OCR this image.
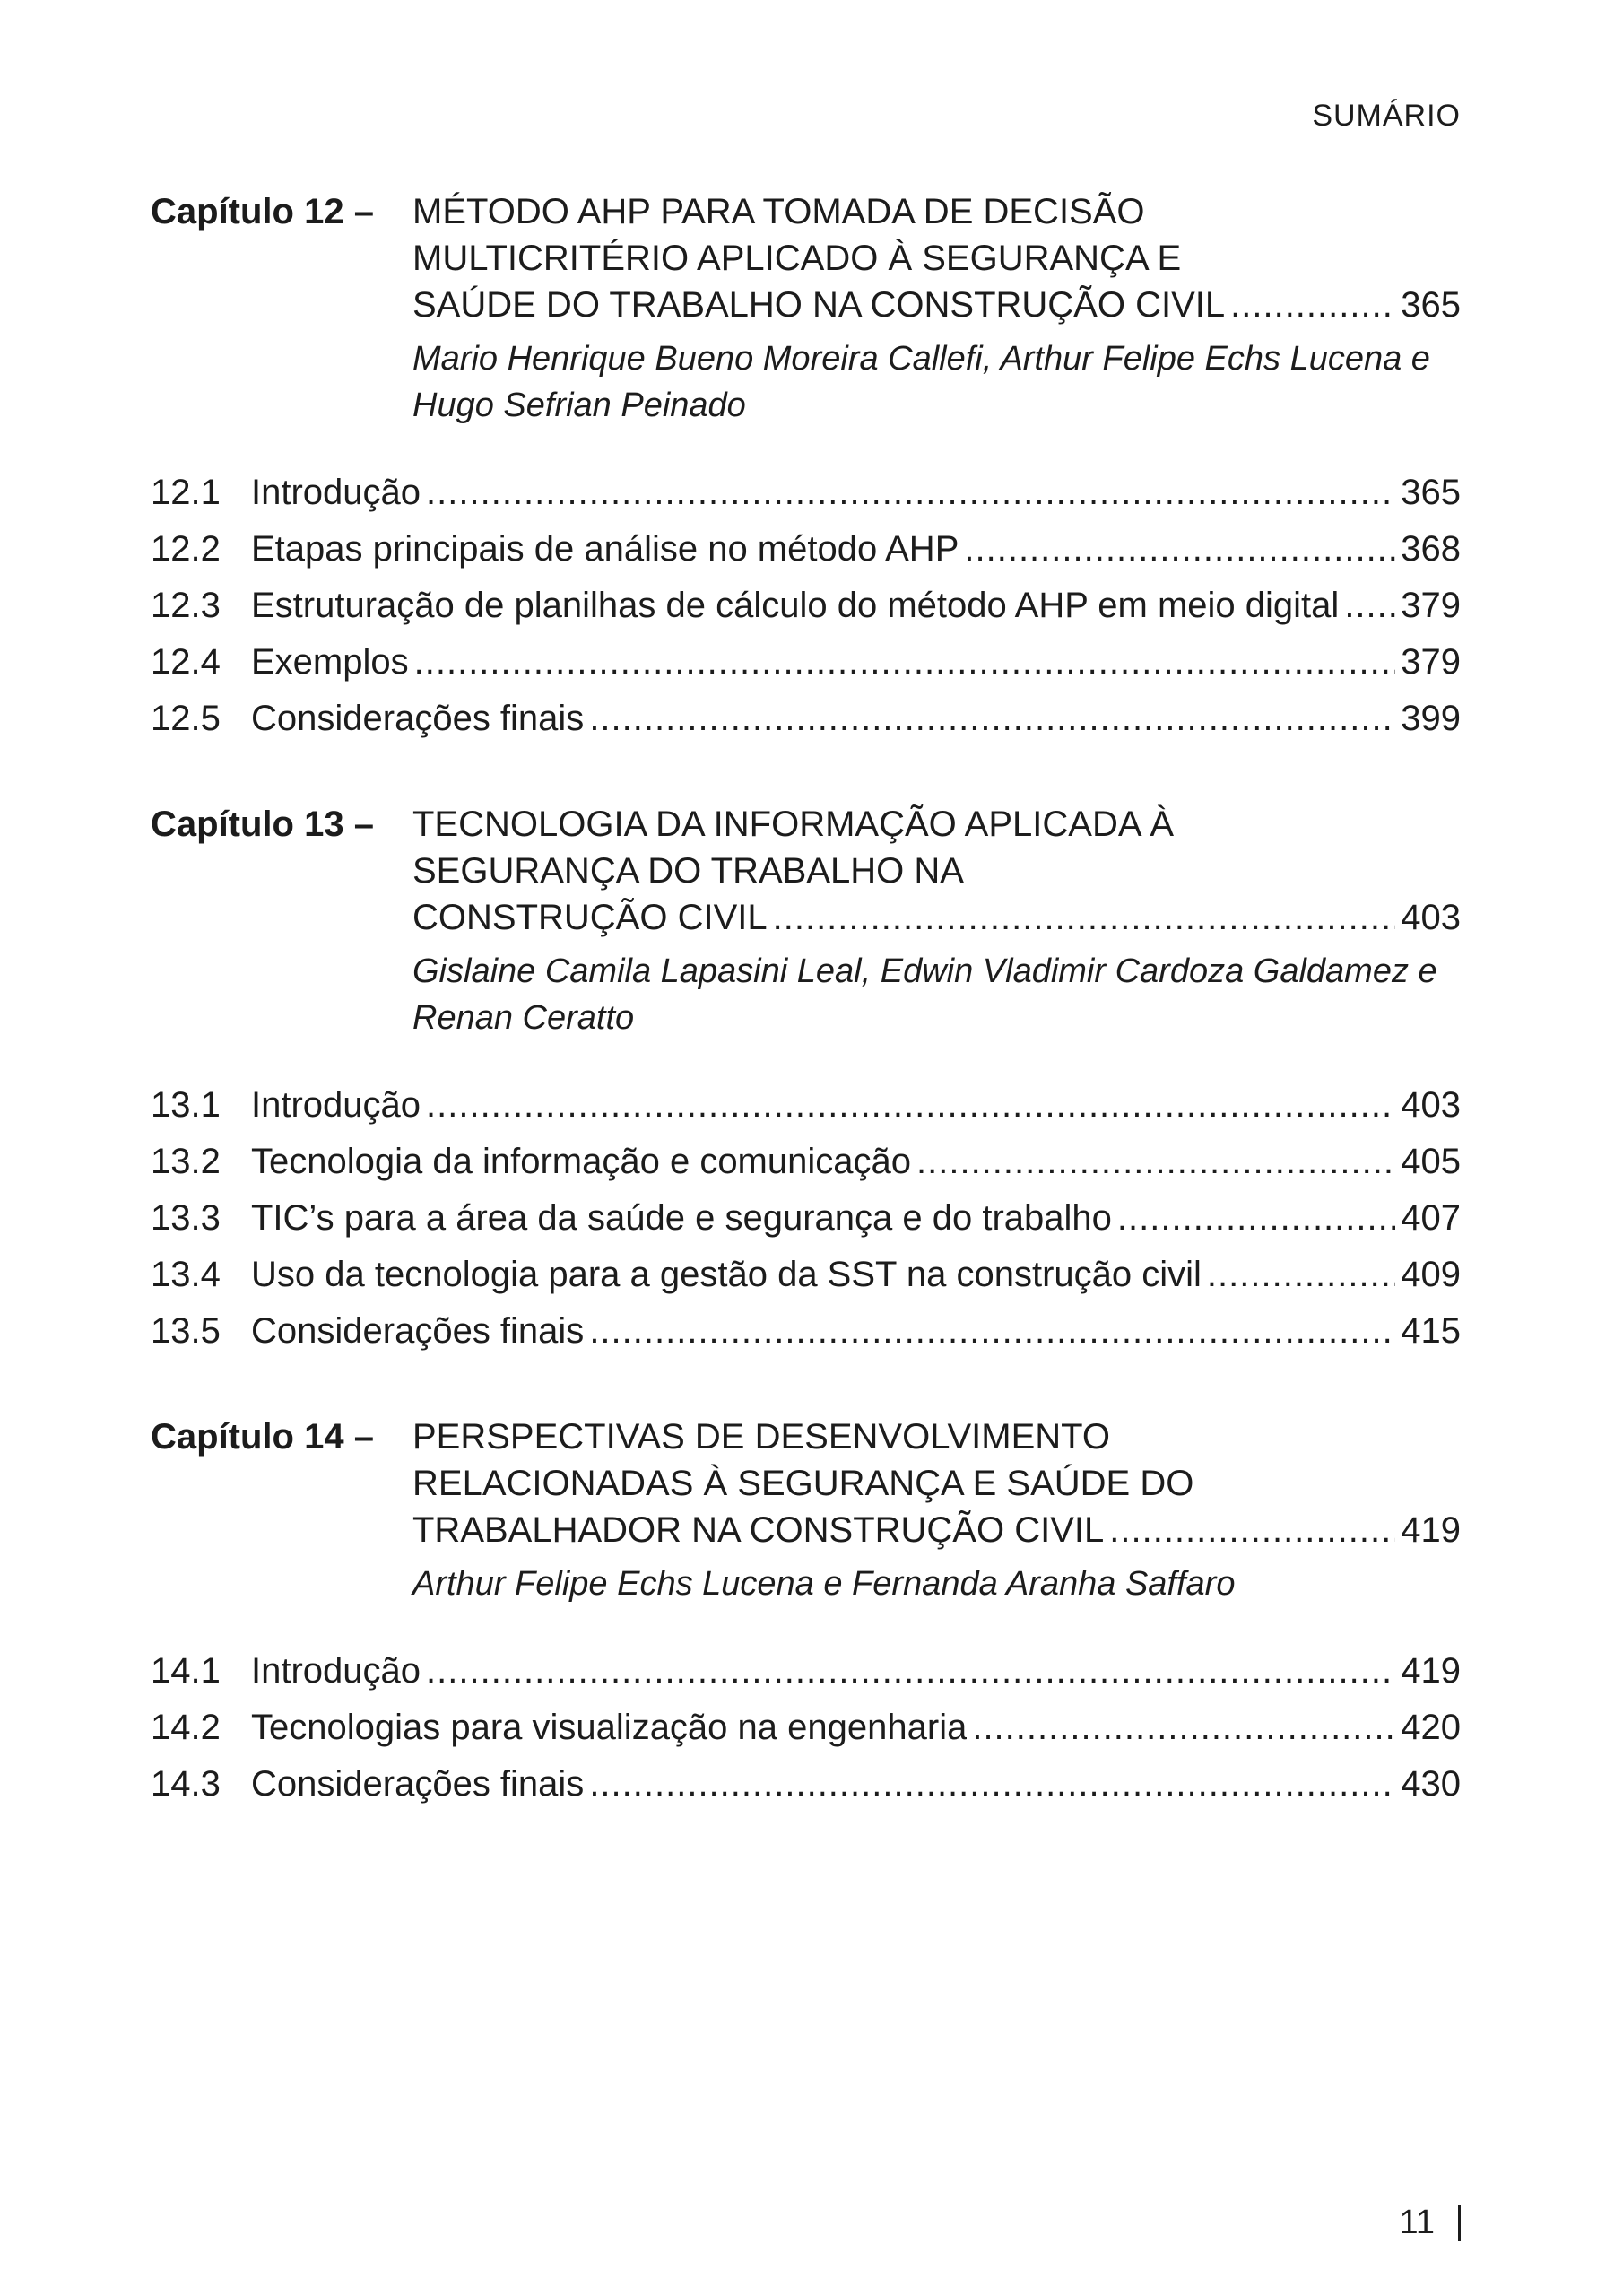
SUMÁRIO
Capítulo 12 –	MÉTODO AHP PARA TOMADA DE DECISÃO
MULTICRITÉRIO APLICADO À SEGURANÇA E
SAÚDE DO TRABALHO NA CONSTRUÇÃO CIVIL .....	365
Mario Henrique Bueno Moreira Callefi, Arthur Felipe Echs Lucena e Hugo Sefrian Peinado
12.1 Introdução .....	365
12.2 Etapas principais de análise no método AHP .....	368
12.3 Estruturação de planilhas de cálculo do método AHP em meio digital ..... 379
12.4 Exemplos .....	379
12.5 Considerações finais .....	399
Capítulo 13 –	TECNOLOGIA DA INFORMAÇÃO APLICADA À
SEGURANÇA DO TRABALHO NA
CONSTRUÇÃO CIVIL .....	403
Gislaine Camila Lapasini Leal, Edwin Vladimir Cardoza Galdamez e Renan Ceratto
13.1 Introdução .....	403
13.2 Tecnologia da informação e comunicação .....	405
13.3 TIC’s para a área da saúde e segurança e do trabalho .....	407
13.4 Uso da tecnologia para a gestão da SST na construção civil .....	409
13.5 Considerações finais .....	415
Capítulo 14 –	PERSPECTIVAS DE DESENVOLVIMENTO
RELACIONADAS À SEGURANÇA E SAÚDE DO
TRABALHADOR NA CONSTRUÇÃO CIVIL .....	419
Arthur Felipe Echs Lucena e Fernanda Aranha Saffaro
14.1 Introdução .....	419
14.2 Tecnologias para visualização na engenharia .....	420
14.3 Considerações finais .....	430
11
